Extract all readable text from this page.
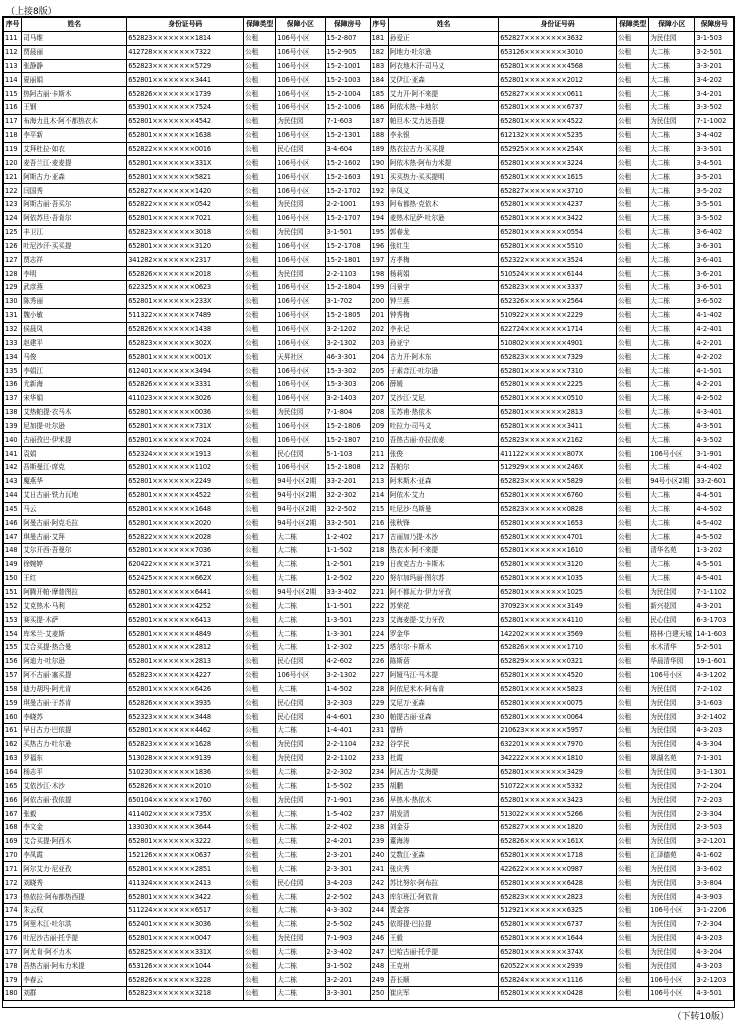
（上接8版）
序号	姓名	身份证号码	保障类型	保障小区	保障房号	序号	姓名	身份证号码	保障类型	保障小区	保障房号
111	司马维	652823××××××××1814	公租	106号小区	15-2-807	181	孙爱正	652827××××××××3632	公租	为民佳园	3-1-503
112	贾晨丽	412728××××××××7322	公租	106号小区	15-2-905	182	阿地力·吐尔逊	653126××××××××3010	公租	大二栋	3-2-501
113	张静静	652823××××××××5729	公租	106号小区	15-2-1001	183	阿衣地木汗·司马义	652801××××××××4568	公租	大二栋	3-3-201
114	夏丽娟	652801××××××××3441	公租	106号小区	15-2-1003	184	艾伊江·亚森	652801××××××××2012	公租	大二栋	3-4-202
115	热阿古丽·卡斯木	652826××××××××1739	公租	106号小区	15-2-1004	185	艾力开·阿不来提	652827××××××××0611	公租	大二栋	3-4-201
116	王钢	653901××××××××7524	公租	106号小区	15-2-1006	186	阿依木热·卡地尔	652801××××××××6737	公租	大二栋	3-3-502
117	布海力且木·阿不都热衣木	652801××××××××4542	公租	为民佳园	7-1-603	187	帕旦木·艾力达吾提	652801××××××××4522	公租	为民佳园	7-1-1002
118	李平新	652801××××××××1638	公租	106号小区	15-2-1301	188	李永银	612132××××××××5235	公租	大二栋	3-4-402
119	艾拜杜拉·如衣	652822××××××××0016	公租	民心佳园	3-4-604	189	热衣拉古力·买买提	652925××××××××254X	公租	大二栋	3-3-501
120	麦吾兰江·麦麦提	652801××××××××331X	公租	106号小区	15-2-1602	190	阿依木热·阿布力米提	652801××××××××3224	公租	大二栋	3-4-501
121	阿斯古力·亚森	652801××××××××5821	公租	106号小区	15-2-1603	191	买买热力·买买提明	652801××××××××1615	公租	大二栋	3-5-201
122	闫国秀	652827××××××××1420	公租	106号小区	15-2-1702	192	辛凤义	652827××××××××3710	公租	大二栋	3-5-202
123	阿斯古丽·吾买尔	652822××××××××0542	公租	为民佳园	2-2-1001	193	阿布都热·克依木	652801××××××××4237	公租	大二栋	3-5-501
124	阿依苏旦·吾肯尔	652801××××××××7021	公租	106号小区	15-2-1707	194	麦热木尼萨·吐尔逊	652801××××××××3422	公租	大二栋	3-5-502
125	丰卫江	652823××××××××3018	公租	为民佳园	3-1-501	195	郭春龙	652801××××××××0554	公租	大二栋	3-6-402
126	吐尼沙汗·买买提	652801××××××××3120	公租	106号小区	15-2-1708	196	张红生	652801××××××××5510	公租	大二栋	3-6-301
127	贾志祥	341282××××××××2317	公租	106号小区	15-2-1801	197	方孝梅	652322××××××××3524	公租	大二栋	3-6-401
128	李明	652826××××××××2018	公租	为民佳园	2-2-1103	198	杨莉娟	510524××××××××6144	公租	大二栋	3-6-201
129	武彦燕	622325××××××××0623	公租	106号小区	15-2-1804	199	闫景宇	652823××××××××3337	公租	大二栋	3-6-501
130	陈秀丽	652801××××××××233X	公租	106号小区	3-1-702	200	钟兰燕	652326××××××××2564	公租	大二栋	3-6-502
131	魏小敏	511322××××××××7489	公租	106号小区	15-2-1805	201	钟秀梅	510922××××××××2229	公租	大二栋	4-1-402
132	侯晨凤	652826××××××××1438	公租	106号小区	3-2-1202	202	李永记	622724××××××××1714	公租	大二栋	4-2-401
133	赵建平	652823××××××××302X	公租	106号小区	3-2-1302	203	孙亚宁	510802××××××××4901	公租	大二栋	4-2-201
134	马俊	652801××××××××001X	公租	天昇社区	46-3-301	204	古力开·阿木东	652823××××××××7329	公租	大二栋	4-2-202
135	李娟江	612401××××××××3494	公租	106号小区	15-3-302	205	于素音江·吐尔逊	652801××××××××7310	公租	大二栋	4-1-501
136	尤新海	652826××××××××3331	公租	106号小区	15-3-303	206	薛媛	652801××××××××2225	公租	大二栋	4-2-201
137	宋华娟	411023××××××××3026	公租	106号小区	3-2-1403	207	艾沙江·艾尼	652801××××××××0510	公租	大二栋	4-2-502
138	艾热帕提·衣马木	652801××××××××0036	公租	为民佳园	7-1-804	208	玉苏甫·热依木	652801××××××××2813	公租	大二栋	4-3-401
139	尼加提·吐尔逊	652801××××××××731X	公租	106号小区	15-2-1806	209	吐拉力·司马义	652801××××××××3411	公租	大二栋	4-3-501
140	古丽孜巴·伊米提	652801××××××××7024	公租	106号小区	15-2-1807	210	吾热古丽·亦拉依麦	652823××××××××2162	公租	大二栋	4-3-502
141	袁娟	652324××××××××1913	公租	民心佳园	5-1-103	211	张俊	411122××××××××807X	公租	106号小区	3-1-901
142	吾斯曼江·席克	652801××××××××1102	公租	106号小区	15-2-1808	212	吾帕尔	512929××××××××246X	公租	大二栋	4-4-402
143	魔燕华	652801××××××××2249	公租	94号小区2期	33-2-201	213	阿米斯木·亚森	652823××××××××5829	公租	94号小区2期	33-2-601
144	艾日古丽·铁力瓦地	652801××××××××4522	公租	94号小区2期	32-2-302	214	阿依木·艾力	652801××××××××6760	公租	大二栋	4-4-501
145	马云	652801××××××××1648	公租	94号小区2期	32-2-502	215	吐尼沙·乌斯曼	652823××××××××0828	公租	大二栋	4-4-502
146	阿曼古丽·阿克毛拉	652801××××××××2020	公租	94号小区2期	33-2-501	216	张秋锋	652801××××××××1653	公租	大二栋	4-5-402
147	琪曼古丽·艾拜	652822××××××××2028	公租	大二栋	1-2-402	217	古丽加乃提·木沙	652801××××××××4701	公租	大二栋	4-5-502
148	艾尔开西·吾曼尔	652801××××××××7036	公租	大二栋	1-1-502	218	热衣木·阿不来提	652801××××××××1610	公租	清华名苑	1-3-202
149	徐婉婷	620422××××××××3721	公租	大二栋	1-2-501	219	日夜克古力·卡斯木	652801××××××××3120	公租	大二栋	4-5-501
150	王红	652425××××××××662X	公租	大二栋	1-2-502	220	努尔加玛丽·图尔苏	652801××××××××1035	公租	大二栋	4-5-401
151	阿腾开帕·摩普图拉	652801××××××××6441	公租	94号小区2期	33-3-402	221	阿不都瓦力·伊力牙孜	652801××××××××1025	公租	为民佳园	7-1-1102
152	艾克热木·马利	652801××××××××4252	公租	大二栋	1-1-501	222	苏荣花	370923××××××××3149	公租	新兴花园	4-3-201
153	赛买提·木萨	652801××××××××6413	公租	大二栋	1-3-501	223	艾海麦提·艾力牙孜	652801××××××××4110	公租	民心佳园	6-3-1703
154	库米兰·艾麦斯	652801××××××××4849	公租	大二栋	1-3-301	224	罗金华	142202××××××××3569	公租	格林·白建天城	14-1-603
155	艾合买提·热合曼	652801××××××××2812	公租	大二栋	1-2-302	225	塔尔尔·卡斯木	652826××××××××1710	公租	水木清华	5-2-501
156	阿迪力·吐尔逊	652801××××××××2813	公租	民心佳园	4-2-602	226	陈斯蓓	652829××××××××0321	公租	华晨清华园	19-1-601
157	阿不古丽·塞买提	652823××××××××4227	公租	106号小区	3-2-1302	227	阿娅马江·马木提	652801××××××××4520	公租	106号小区	4-3-1202
158	迪力胡玛·阿尤肯	652801××××××××6426	公租	大二栋	1-4-502	228	阿依尼米木·阿布肯	652801××××××××5823	公租	为民佳园	7-2-102
159	琪曼古丽·于苏肯	652826××××××××3935	公租	民心佳园	3-2-303	229	艾尼万·亚森	652801××××××××0075	公租	为民佳园	3-1-603
160	李晓苏	652323××××××××3448	公租	民心佳园	4-4-601	230	帕提古丽·亚森	652801××××××××0064	公租	为民佳园	3-2-1402
161	早日古力·巴依提	652801××××××××4462	公租	大二栋	1-4-401	231	曾桥	210623××××××××5957	公租	为民佳园	4-3-203
162	买热古力·吐尔逊	652823××××××××1628	公租	为民佳园	2-2-1104	232	谷学民	632201××××××××7970	公租	为民佳园	4-3-304
163	罗福东	513028××××××××9139	公租	为民佳园	2-2-1102	233	杜霞	342222××××××××1810	公租	翠湖名苑	7-1-301
164	杨志平	510230××××××××1836	公租	大二栋	2-2-302	234	阿瓦古力·艾海提	652801××××××××3429	公租	为民佳园	3-1-1301
165	艾依沙江·木沙	652826××××××××2010	公租	大二栋	1-5-502	235	胡鹏	510722××××××××5332	公租	为民佳园	7-2-204
166	阿依古丽·孜依提	650104××××××××1760	公租	为民佳园	7-1-901	236	早热木·热依木	652801××××××××3423	公租	为民佳园	7-2-203
167	张毅	411402××××××××735X	公租	大二栋	1-5-402	237	胡发清	513022××××××××5266	公租	为民佳园	2-3-304
168	李文金	133030××××××××3644	公租	大二栋	2-2-402	238	刘金芬	652827××××××××1820	公租	为民佳园	2-3-503
169	艾合买提·阿西木	652801××××××××3222	公租	大二栋	2-4-201	239	董海涛	652826××××××××161X	公租	为民佳园	3-2-1201
170	李凤霞	152126××××××××0637	公租	大二栋	2-3-201	240	艾数江·亚森	652801××××××××1718	公租	汇泽德苑	4-1-602
171	阿尔艾力·尼亚孜	652801××××××××2851	公租	大二栋	2-3-301	241	张庆秀	422622××××××××0987	公租	为民佳园	3-3-602
172	刘晓秀	411324××××××××2413	公租	民心佳园	3-4-203	242	苏比努尔·阿布拉	652801××××××××6428	公租	为民佳园	3-3-804
173	热依拉·阿布都热西提	652801××××××××3422	公租	大二栋	2-2-502	243	库尔班江·阿依肯	652823××××××××2823	公租	为民佳园	4-3-903
174	朱云权	511224××××××××6517	公租	大二栋	4-3-302	244	贾金容	512921××××××××6325	公租	106号小区	3-1-2206
175	阿里木江·吐尔洪	652401××××××××3036	公租	大二栋	2-5-502	245	依哥提·巴拉提	652801××××××××6737	公租	为民佳园	7-2-304
176	吐尼沙古丽·托乎提	652801××××××××0047	公租	为民佳园	7-1-903	246	王毅	652801××××××××1644	公租	为民佳园	4-3-203
177	阿尤肯·阿不力木	652825××××××××331X	公租	大二栋	2-3-402	247	巴哈古丽·托乎提	652801××××××××374X	公租	为民佳园	4-3-204
178	吾热古丽·阿布力米提	653126××××××××1044	公租	大二栋	3-1-502	248	王克州	620522××××××××2939	公租	为民佳园	4-3-203
179	李春云	652826××××××××3228	公租	大二栋	3-2-201	249	吾长顺	652824××××××××1116	公租	106号小区	3-2-1203
180	刘群	652823××××××××3218	公租	大二栋	3-3-301	250	崔庆军	652801××××××××0428	公租	106号小区	4-3-501
（下转10版）
